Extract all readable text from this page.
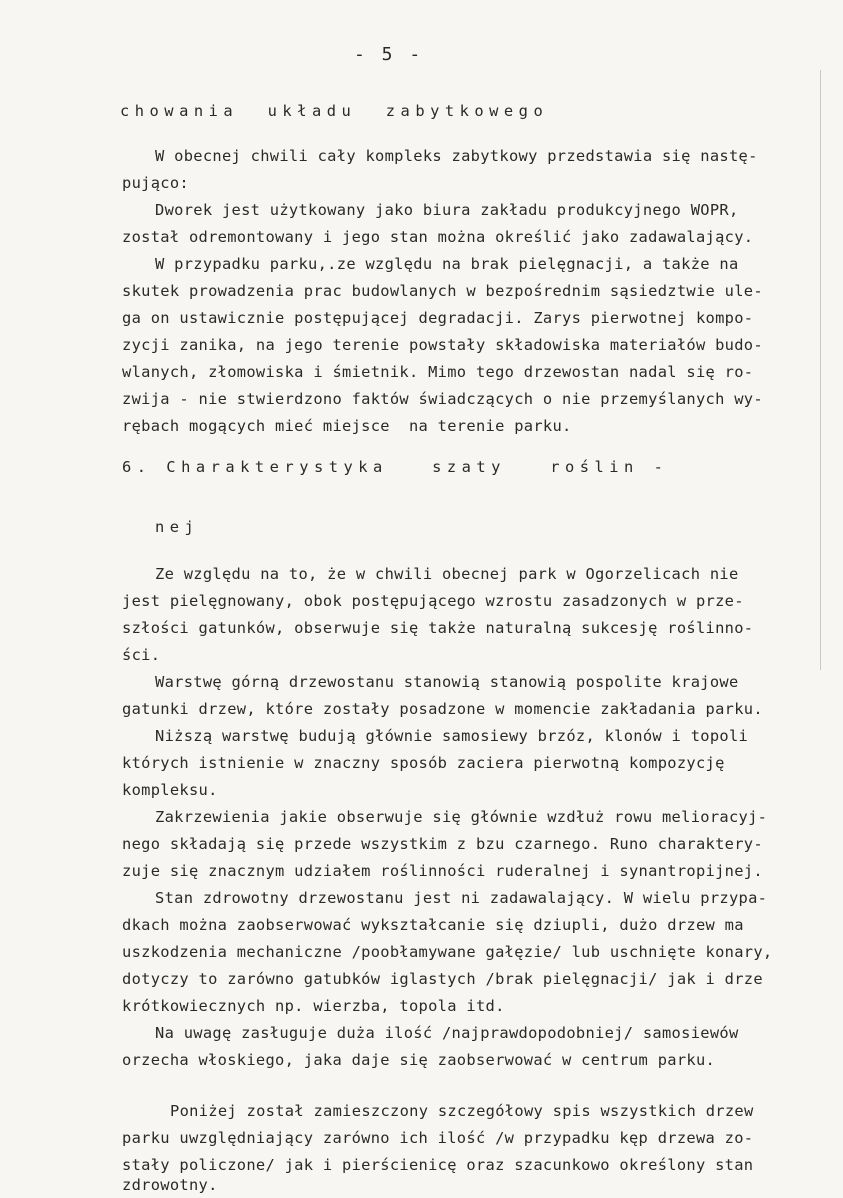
- 5 -
chowania  układu  zabytkowego
W obecnej chwili cały kompleks zabytkowy przedstawia się nastę-
pująco:
Dworek jest użytkowany jako biura zakładu produkcyjnego WOPR,
został odremontowany i jego stan można określić jako zadawalający.
W przypadku parku,.ze względu na brak pielęgnacji, a także na
skutek prowadzenia prac budowlanych w bezpośrednim sąsiedztwie ule-
ga on ustawicznie postępującej degradacji. Zarys pierwotnej kompo-
zycji zanika, na jego terenie powstały składowiska materiałów budo-
wlanych, złomowiska i śmietnik. Mimo tego drzewostan nadal się ro-
zwija - nie stwierdzono faktów świadczących o nie przemyślanych wy-
rębach mogących mieć miejsce  na terenie parku.
6. Charakterystyka   szaty   roślin -
nej
Ze względu na to, że w chwili obecnej park w Ogorzelicach nie
jest pielęgnowany, obok postępującego wzrostu zasadzonych w prze-
szłości gatunków, obserwuje się także naturalną sukcesję roślinno-
ści.
Warstwę górną drzewostanu stanowią stanowią pospolite krajowe
gatunki drzew, które zostały posadzone w momencie zakładania parku.
Niższą warstwę budują głównie samosiewy brzóz, klonów i topoli
których istnienie w znaczny sposób zaciera pierwotną kompozycję
kompleksu.
Zakrzewienia jakie obserwuje się głównie wzdłuż rowu melioracyj-
nego składają się przede wszystkim z bzu czarnego. Runo charaktery-
zuje się znacznym udziałem roślinności ruderalnej i synantropijnej.
Stan zdrowotny drzewostanu jest ni zadawalający. W wielu przypa-
dkach można zaobserwować wykształcanie się dziupli, dużo drzew ma
uszkodzenia mechaniczne /poobłamywane gałęzie/ lub uschnięte konary,
dotyczy to zarówno gatubków iglastych /brak pielęgnacji/ jak i drze
krótkowiecznych np. wierzba, topola itd.
Na uwagę zasługuje duża ilość /najprawdopodobniej/ samosiewów
orzecha włoskiego, jaka daje się zaobserwować w centrum parku.
Poniżej został zamieszczony szczegółowy spis wszystkich drzew
parku uwzględniający zarówno ich ilość /w przypadku kęp drzewa zo-
stały policzone/ jak i pierścienicę oraz szacunkowo określony stan
zdrowotny.
